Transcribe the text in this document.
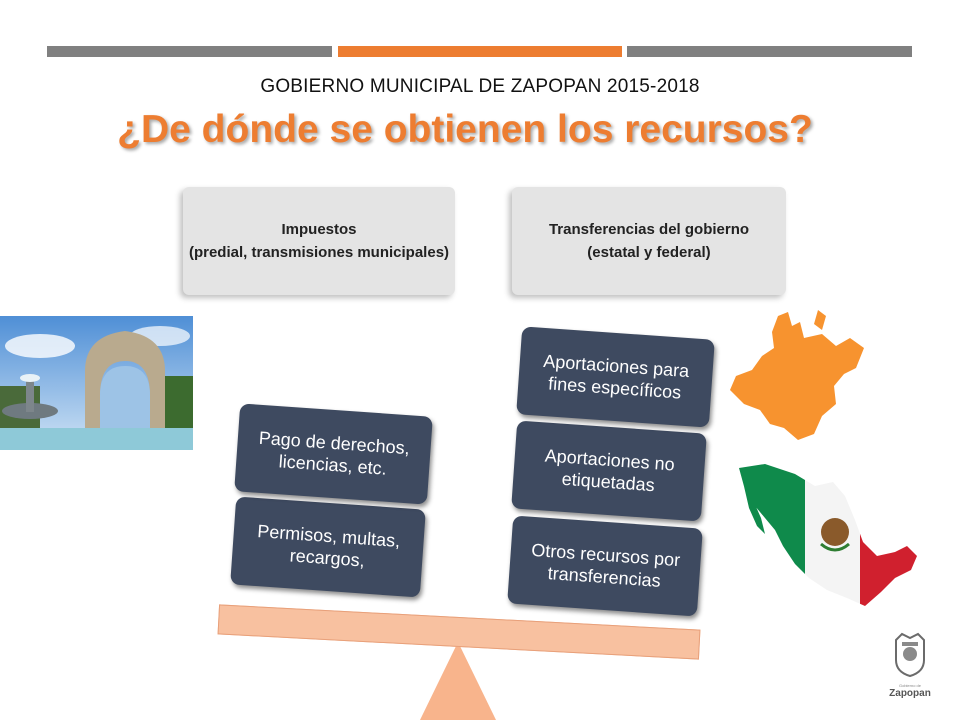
GOBIERNO MUNICIPAL DE ZAPOPAN 2015-2018
¿De dónde se obtienen los recursos?
Impuestos
(predial, transmisiones municipales)
Transferencias del gobierno
(estatal y federal)
Permisos, multas, recargos,
Pago de derechos, licencias, etc.
Otros recursos por transferencias
Aportaciones no etiquetadas
Aportaciones para fines específicos
Gobierno de
Zapopan
